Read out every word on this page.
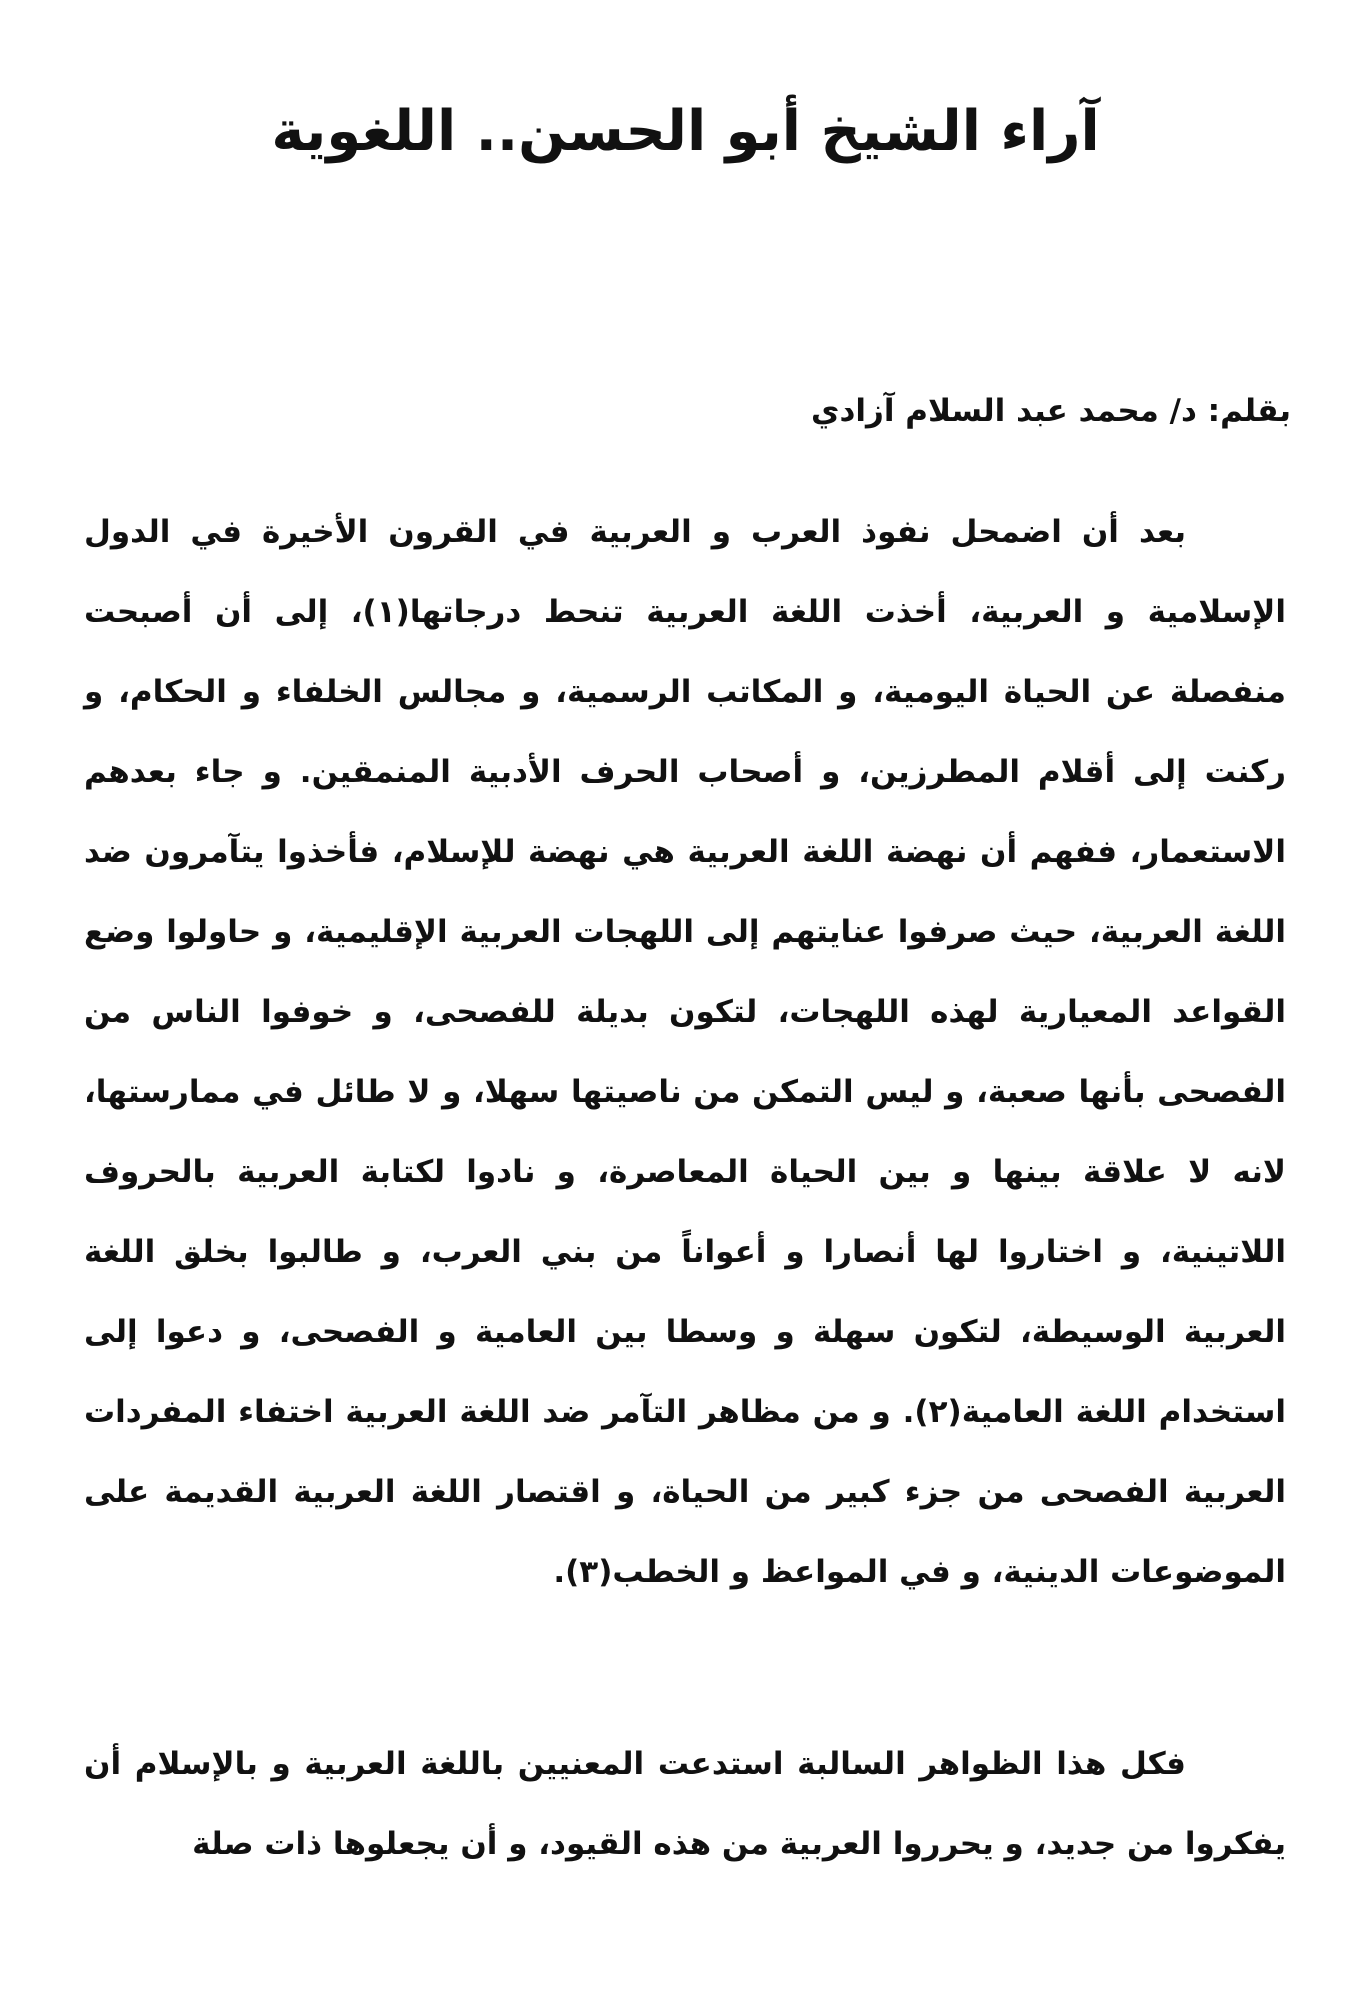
آراء الشيخ أبو الحسن.. اللغوية

بقلم: د/ محمد عبد السلام آزادي

بعد أن اضمحل نفوذ العرب و العربية في القرون الأخيرة في الدول الإسلامية و العربية، أخذت اللغة العربية تنحط درجاتها(١)، إلى أن أصبحت منفصلة عن الحياة اليومية، و المكاتب الرسمية، و مجالس الخلفاء و الحكام، و ركنت إلى أقلام المطرزين، و أصحاب الحرف الأدبية المنمقين. و جاء بعدهم الاستعمار، ففهم أن نهضة اللغة العربية هي نهضة للإسلام، فأخذوا يتآمرون ضد اللغة العربية، حيث صرفوا عنايتهم إلى اللهجات العربية الإقليمية، و حاولوا وضع القواعد المعيارية لهذه اللهجات، لتكون بديلة للفصحى، و خوفوا الناس من الفصحى بأنها صعبة، و ليس التمكن من ناصيتها سهلا، و لا طائل في ممارستها، لانه لا علاقة بينها و بين الحياة المعاصرة، و نادوا لكتابة العربية بالحروف اللاتينية، و اختاروا لها أنصارا و أعواناً من بني العرب، و طالبوا بخلق اللغة العربية الوسيطة، لتكون سهلة و وسطا بين العامية و الفصحى، و دعوا إلى استخدام اللغة العامية(٢). و من مظاهر التآمر ضد اللغة العربية اختفاء المفردات العربية الفصحى من جزء كبير من الحياة، و اقتصار اللغة العربية القديمة على الموضوعات الدينية، و في المواعظ و الخطب(٣).

فكل هذا الظواهر السالبة استدعت المعنيين باللغة العربية و بالإسلام أن يفكروا من جديد، و يحرروا العربية من هذه القيود، و أن يجعلوها ذات صلة
